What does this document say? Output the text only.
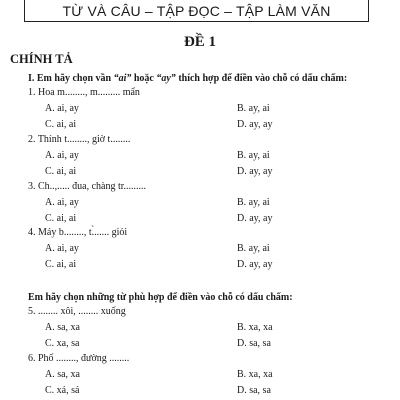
TỪ VÀ CÂU – TẬP ĐỌC – TẬP LÀM VĂN
ĐỀ 1
CHÍNH TẢ
I. Em hãy chọn vần “ai” hoặc “ay” thích hợp để điền vào chỗ có dấu chấm:
1. Hoa m........, m......... mẩn
A. ai, ay	B. ay, ai
C. ai, ai	D. ay, ay
2. Thính t........, giờ t........
A. ai, ay	B. ay, ai
C. ai, ai	D. ay, ay
3. Ch..,..... đua, chàng tr.........
A. ai, ay	B. ay, ai
C. ai, ai	D. ay, ay
4. Máy b........, t.̀...... giỏi
A. ai, ay	B. ay, ai
C. ai, ai	D. ay, ay
Em hãy chọn những từ phù hợp để điền vào chỗ có dấu chấm:
5. ........ xôi, ........ xuống
A. sa, xa	B. xa, xa
C. xa, sa	D. sa, sa
6. Phố ........, đường ........
A. sa, xa	B. xa, xa
C. xá, sá	D. sa, sa
